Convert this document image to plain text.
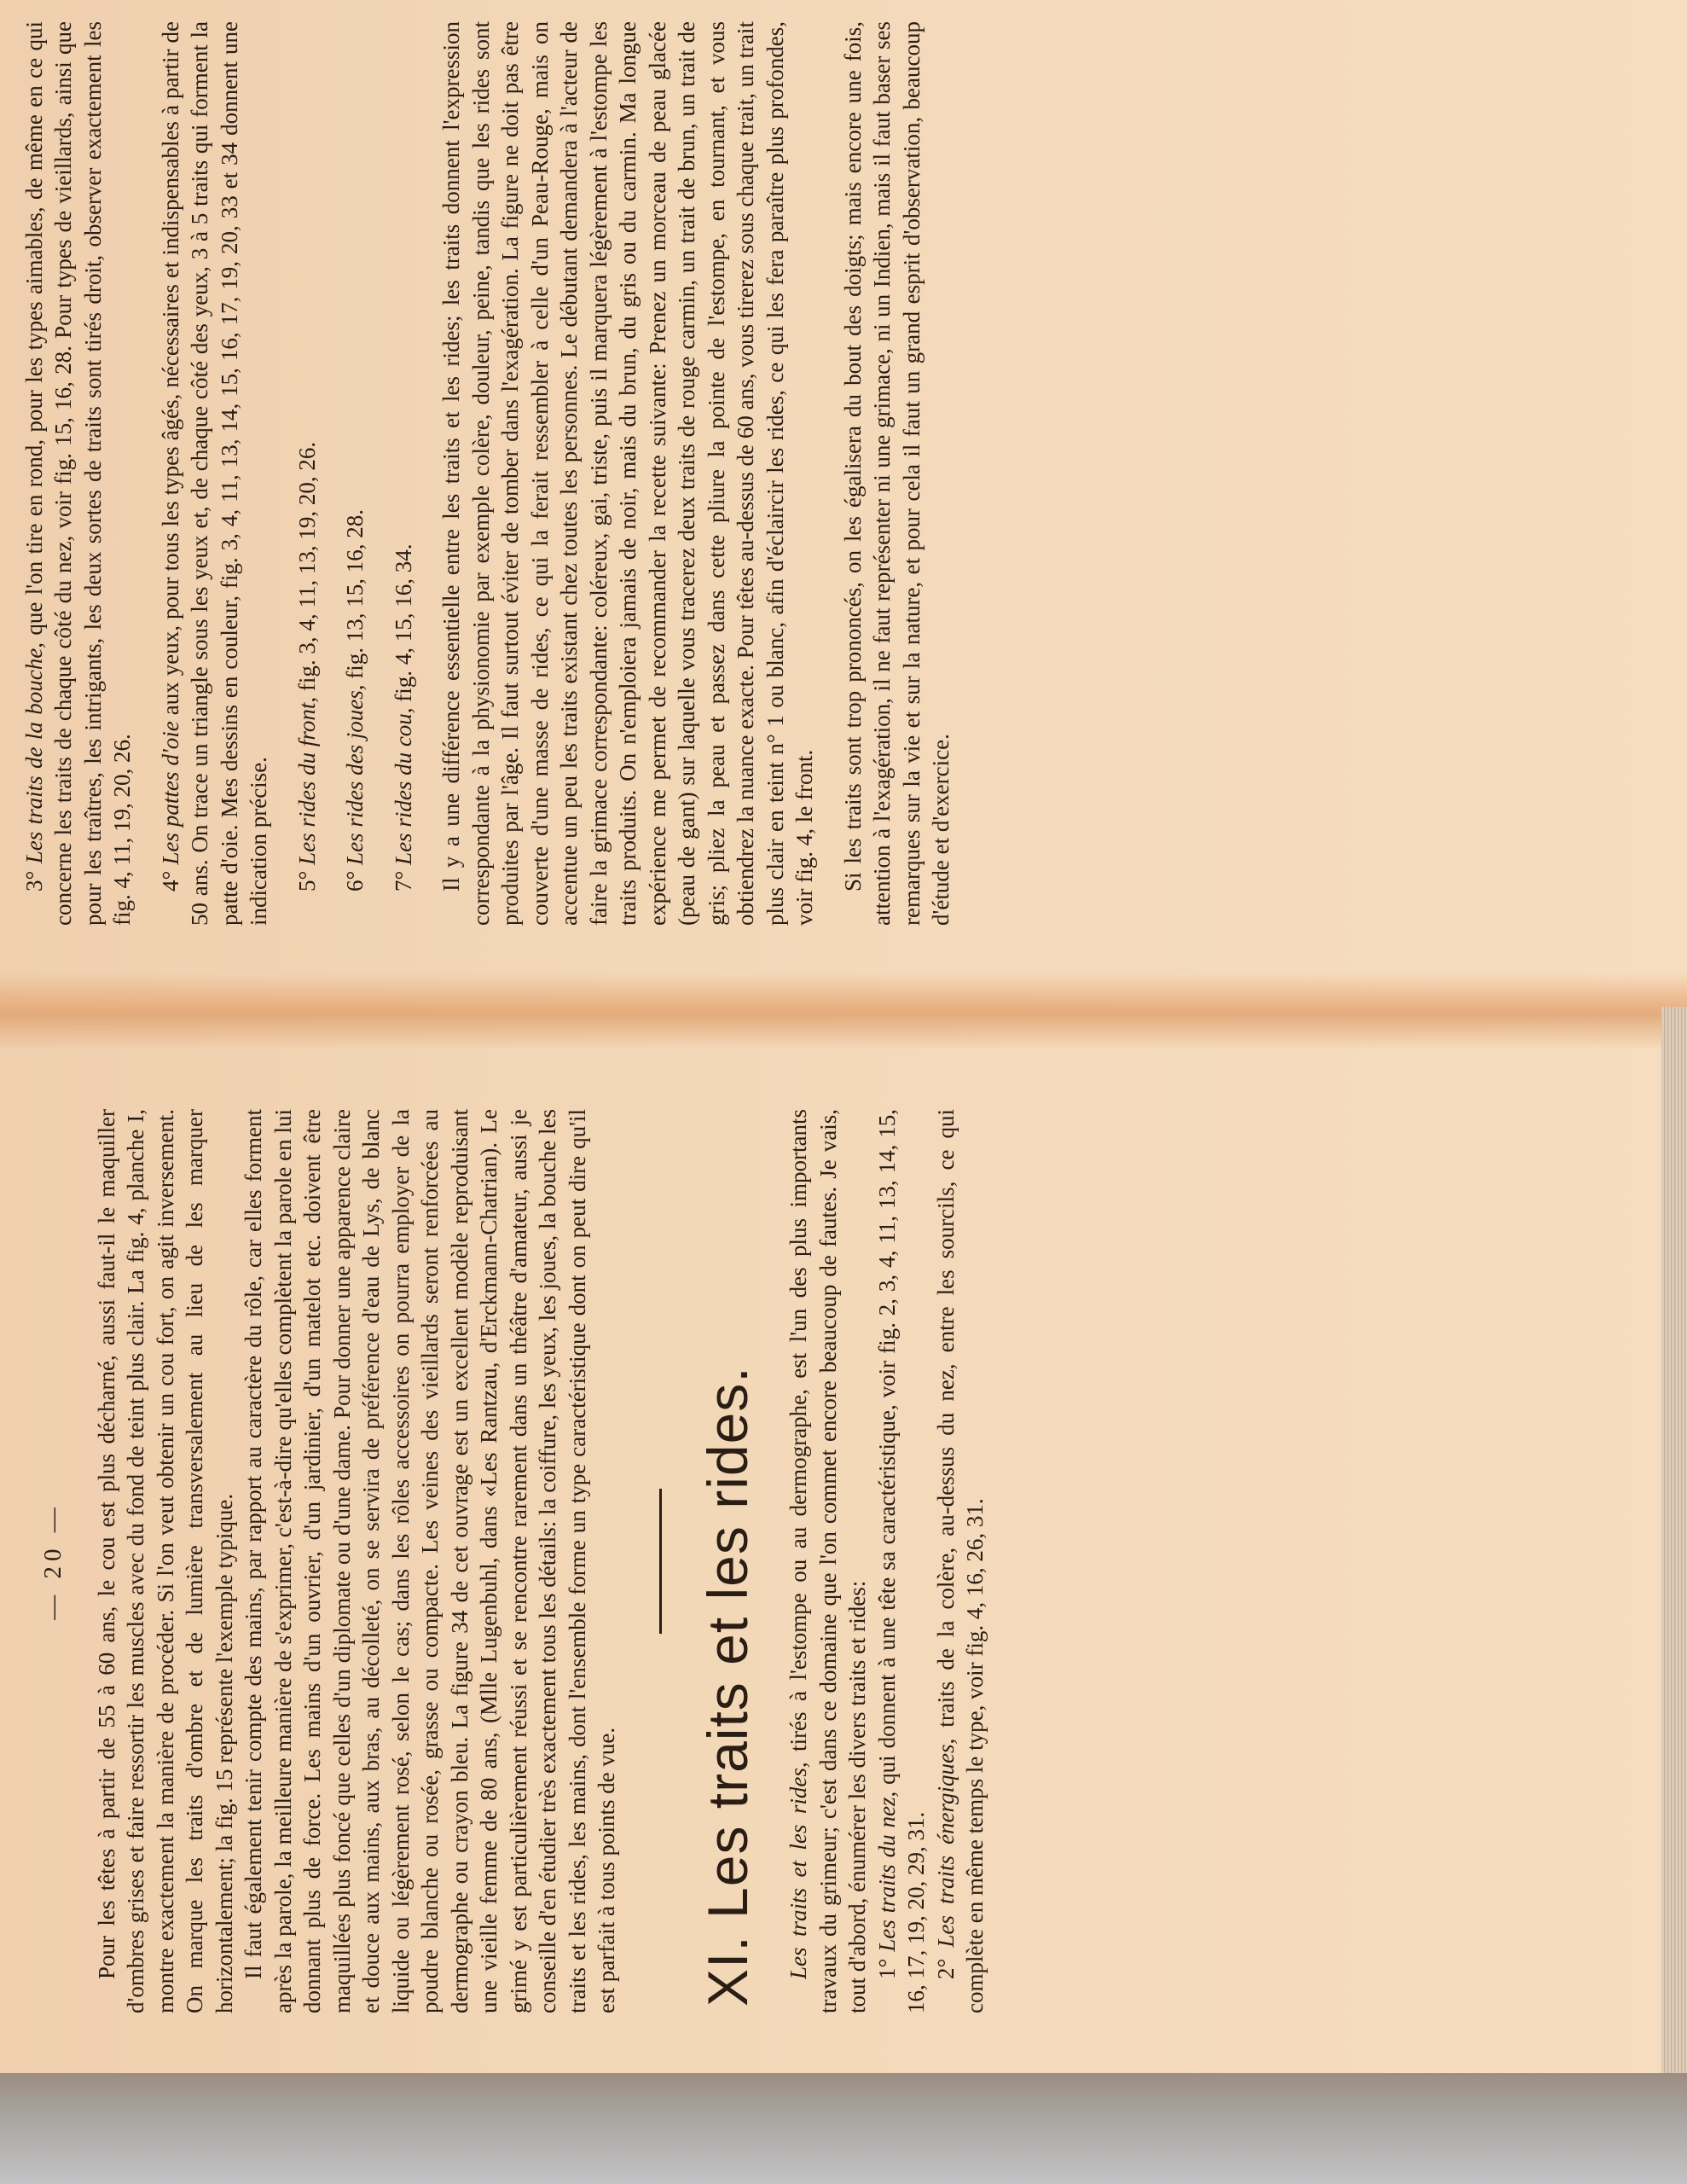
3° Les traits de la bouche, que l'on tire en rond, pour les types aimables, de même en ce qui concerne les traits de chaque côté du nez, voir fig. 15, 16, 28. Pour types de vieillards, ainsi que pour les traîtres, les intrigants, les deux sortes de traits sont tirés droit, observer exactement les fig. 4, 11, 19, 20, 26. 4° Les pattes d'oie aux yeux, pour tous les types âgés, nécessaires et indispensables à partir de 50 ans. On trace un triangle sous les yeux et, de chaque côté des yeux, 3 à 5 traits qui forment la patte d'oie. Mes dessins en couleur, fig. 3, 4, 11, 13, 14, 15, 16, 17, 19, 20, 33 et 34 donnent une indication précise. 5° Les rides du front, fig. 3, 4, 11, 13, 19, 20, 26.

6° Les rides des joues, fig. 13, 15, 16, 28.

7° Les rides du cou, fig. 4, 15, 16, 34. Il y a une différence essentielle entre les traits et les rides; les traits donnent l'expression correspondante à la physionomie par exemple colère, douleur, peine, tandis que les rides sont produites par l'âge. Il faut surtout éviter de tomber dans l'exagération. La figure ne doit pas être couverte d'une masse de rides, ce qui la ferait ressembler à celle d'un Peau-Rouge, mais on accentue un peu les traits existant chez toutes les personnes. Le débutant demandera à l'acteur de faire la grimace correspondante: coléreux, gai, triste, puis il marquera légèrement à l'estompe les traits produits. On n'emploiera jamais de noir, mais du brun, du gris ou du carmin. Ma longue expérience me permet de recommander la recette suivante: Prenez un morceau de peau glacée (peau de gant) sur laquelle vous tracerez deux traits de rouge carmin, un trait de brun, un trait de gris; pliez la peau et passez dans cette pliure la pointe de l'estompe, en tournant, et vous obtiendrez la nuance exacte. Pour têtes au-dessus de 60 ans, vous tirerez sous chaque trait, un trait plus clair en teint n° 1 ou blanc, afin d'éclaircir les rides, ce qui les fera paraître plus profondes, voir fig. 4, le front. Si les traits sont trop prononcés, on les égalisera du bout des doigts; mais encore une fois, attention à l'exagération, il ne faut représenter ni une grimace, ni un Indien, mais il faut baser ses remarques sur la vie et sur la nature, et pour cela il faut un grand esprit d'observation, beaucoup d'étude et d'exercice.

— 20 — Pour les têtes à partir de 55 à 60 ans, le cou est plus décharné, aussi faut-il le maquiller d'ombres grises et faire ressortir les muscles avec du fond de teint plus clair. La fig. 4, planche I, montre exactement la manière de procéder. Si l'on veut obtenir un cou fort, on agit inversement. On marque les traits d'ombre et de lumière transversalement au lieu de les marquer horizontalement; la fig. 15 représente l'exemple typique. Il faut également tenir compte des mains, par rapport au caractère du rôle, car elles forment après la parole, la meilleure manière de s'exprimer, c'est-à-dire qu'elles complètent la parole en lui donnant plus de force. Les mains d'un ouvrier, d'un jardinier, d'un matelot etc. doivent être maquillées plus foncé que celles d'un diplomate ou d'une dame. Pour donner une apparence claire et douce aux mains, aux bras, au décolleté, on se servira de préférence d'eau de Lys, de blanc liquide ou légèrement rosé, selon le cas; dans les rôles accessoires on pourra employer de la poudre blanche ou rosée, grasse ou compacte. Les veines des vieillards seront renforcées au dermographe ou crayon bleu. La figure 34 de cet ouvrage est un excellent modèle reproduisant une vieille femme de 80 ans, (Mlle Lugenbuhl, dans «Les Rantzau, d'Erckmann-Chatrian). Le grimé y est particulièrement réussi et se rencontre rarement dans un théâtre d'amateur, aussi je conseille d'en étudier très exactement tous les détails: la coiffure, les yeux, les joues, la bouche les traits et les rides, les mains, dont l'ensemble forme un type caractéristique dont on peut dire qu'il est parfait à tous points de vue. XI. Les traits et les rides. Les traits et les rides, tirés à l'estompe ou au dermographe, est l'un des plus importants travaux du grimeur; c'est dans ce domaine que l'on commet encore beaucoup de fautes. Je vais, tout d'abord, énumérer les divers traits et rides: 1° Les traits du nez, qui donnent à une tête sa caractéristique, voir fig. 2, 3, 4, 11, 13, 14, 15, 16, 17, 19, 20, 29, 31. 2° Les traits énergiques, traits de la colère, au-dessus du nez, entre les sourcils, ce qui complète en même temps le type, voir fig. 4, 16, 26, 31.
